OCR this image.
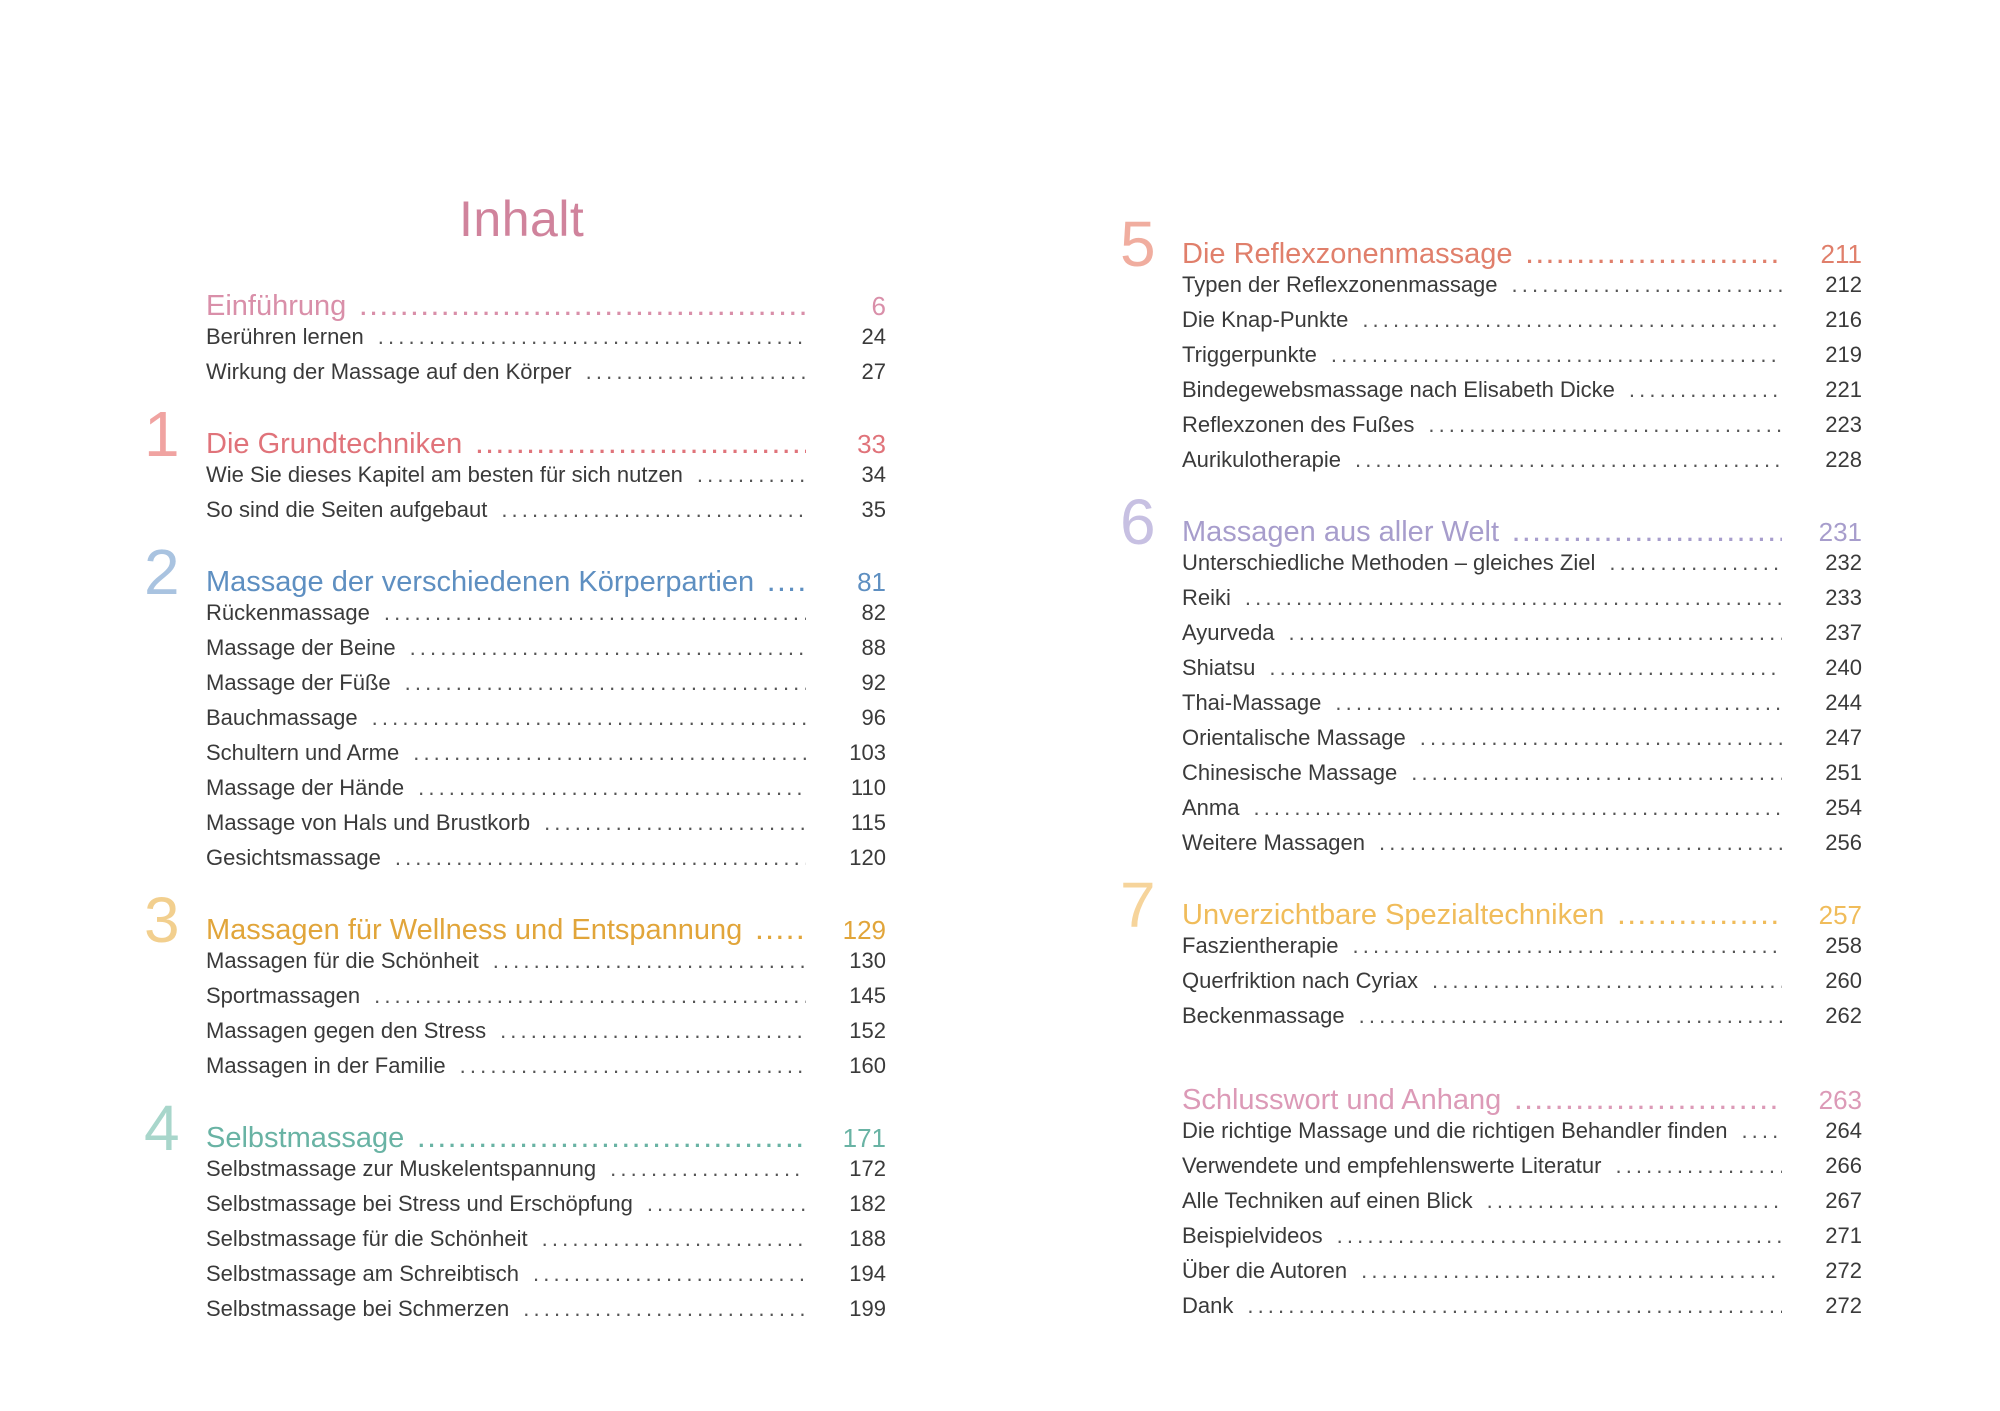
Inhalt
Einführung . . .	6
Berühren lernen . . .	24
Wirkung der Massage auf den Körper . . .	27
1 Die Grundtechniken . . .	33
Wie Sie dieses Kapitel am besten für sich nutzen . . .	34
So sind die Seiten aufgebaut . . .	35
2 Massage der verschiedenen Körperpartien . . .	81
Rückenmassage . . .	82
Massage der Beine . . .	88
Massage der Füße . . .	92
Bauchmassage . . .	96
Schultern und Arme . . .	103
Massage der Hände . . .	110
Massage von Hals und Brustkorb . . .	115
Gesichtsmassage . . .	120
3 Massagen für Wellness und Entspannung . . .	129
Massagen für die Schönheit . . .	130
Sportmassagen . . .	145
Massagen gegen den Stress . . .	152
Massagen in der Familie . . .	160
4 Selbstmassage . . .	171
Selbstmassage zur Muskelentspannung . . .	172
Selbstmassage bei Stress und Erschöpfung . . .	182
Selbstmassage für die Schönheit . . .	188
Selbstmassage am Schreibtisch . . .	194
Selbstmassage bei Schmerzen . . .	199
5 Die Reflexzonenmassage . . .	211
Typen der Reflexzonenmassage . . .	212
Die Knap-Punkte . . .	216
Triggerpunkte . . .	219
Bindegewebsmassage nach Elisabeth Dicke . . .	221
Reflexzonen des Fußes . . .	223
Aurikulotherapie . . .	228
6 Massagen aus aller Welt . . .	231
Unterschiedliche Methoden – gleiches Ziel . . .	232
Reiki . . .	233
Ayurveda . . .	237
Shiatsu . . .	240
Thai-Massage . . .	244
Orientalische Massage . . .	247
Chinesische Massage . . .	251
Anma . . .	254
Weitere Massagen . . .	256
7 Unverzichtbare Spezialtechniken . . .	257
Faszientherapie . . .	258
Querfriktion nach Cyriax . . .	260
Beckenmassage . . .	262
Schlusswort und Anhang . . .	263
Die richtige Massage und die richtigen Behandler finden . . .	264
Verwendete und empfehlenswerte Literatur . . .	266
Alle Techniken auf einen Blick . . .	267
Beispielvideos . . .	271
Über die Autoren . . .	272
Dank . . .	272
